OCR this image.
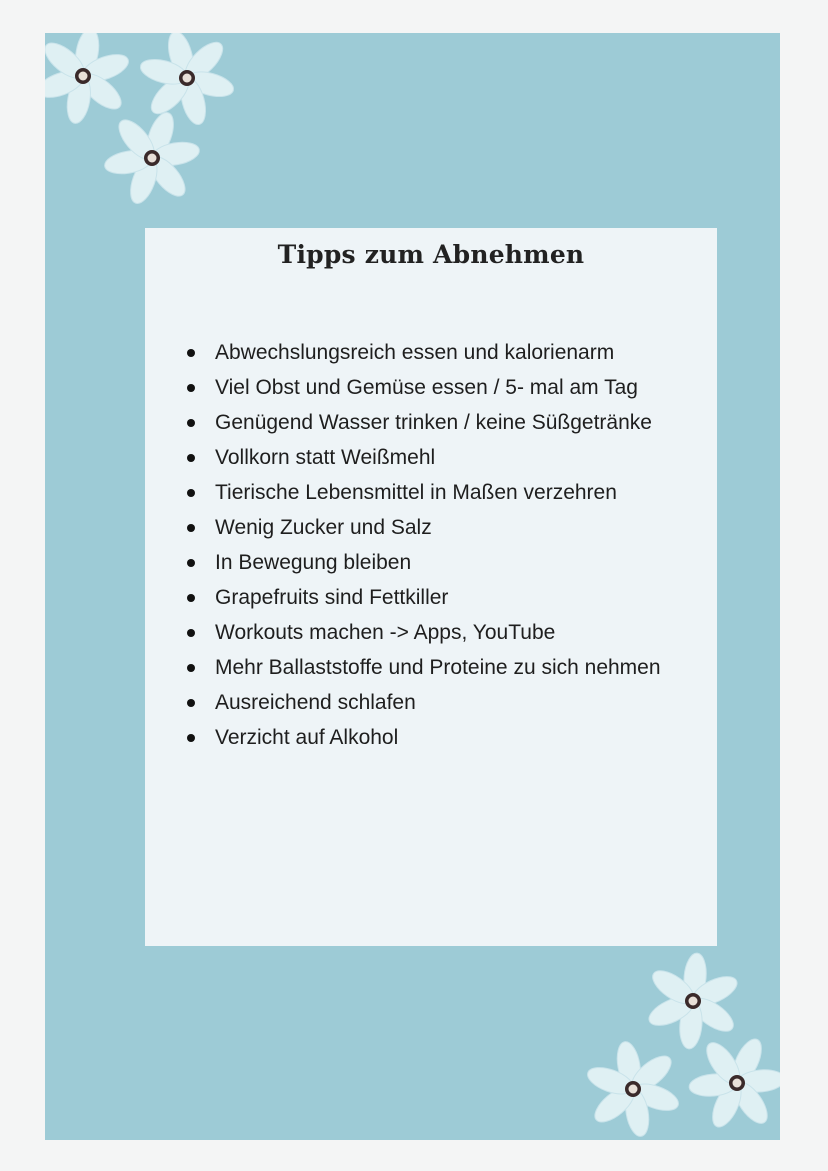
Tipps zum Abnehmen
Abwechslungsreich essen und kalorienarm
Viel Obst und Gemüse essen / 5- mal am Tag
Genügend Wasser trinken / keine Süßgetränke
Vollkorn statt Weißmehl
Tierische Lebensmittel in Maßen verzehren
Wenig Zucker und Salz
In Bewegung bleiben
Grapefruits sind Fettkiller
Workouts machen -> Apps, YouTube
Mehr Ballaststoffe und Proteine zu sich nehmen
Ausreichend schlafen
Verzicht auf Alkohol
